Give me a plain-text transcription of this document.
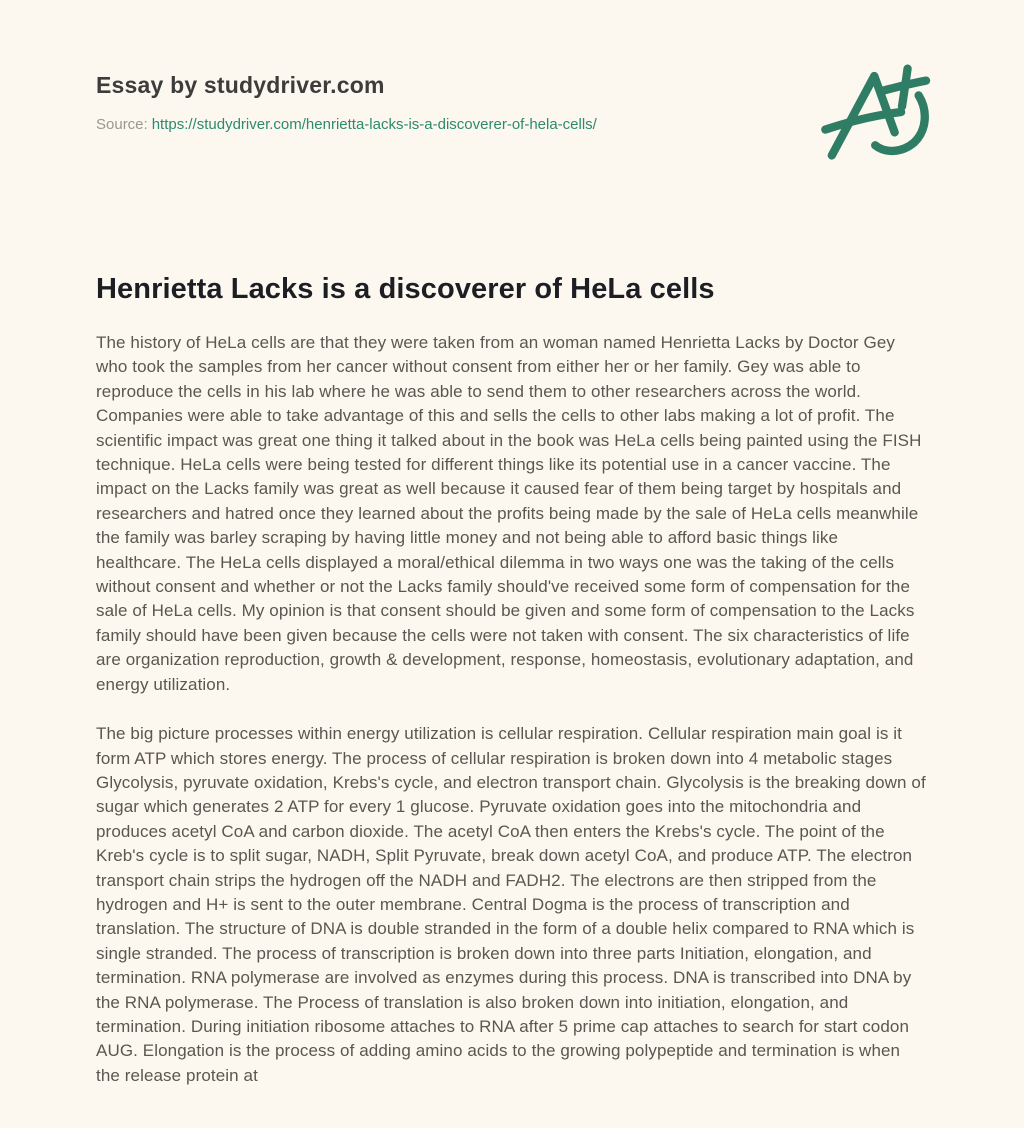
Essay by studydriver.com
Source: https://studydriver.com/henrietta-lacks-is-a-discoverer-of-hela-cells/
Henrietta Lacks is a discoverer of HeLa cells

The history of HeLa cells are that they were taken from an woman named Henrietta Lacks by Doctor Gey who took the samples from her cancer without consent from either her or her family. Gey was able to reproduce the cells in his lab where he was able to send them to other researchers across the world. Companies were able to take advantage of this and sells the cells to other labs making a lot of profit. The scientific impact was great one thing it talked about in the book was HeLa cells being painted using the FISH technique. HeLa cells were being tested for different things like its potential use in a cancer vaccine. The impact on the Lacks family was great as well because it caused fear of them being target by hospitals and researchers and hatred once they learned about the profits being made by the sale of HeLa cells meanwhile the family was barley scraping by having little money and not being able to afford basic things like healthcare. The HeLa cells displayed a moral/ethical dilemma in two ways one was the taking of the cells without consent and whether or not the Lacks family should've received some form of compensation for the sale of HeLa cells. My opinion is that consent should be given and some form of compensation to the Lacks family should have been given because the cells were not taken with consent. The six characteristics of life are organization reproduction, growth & development, response, homeostasis, evolutionary adaptation, and energy utilization.

The big picture processes within energy utilization is cellular respiration. Cellular respiration main goal is it form ATP which stores energy. The process of cellular respiration is broken down into 4 metabolic stages Glycolysis, pyruvate oxidation, Krebs's cycle, and electron transport chain. Glycolysis is the breaking down of sugar which generates 2 ATP for every 1 glucose. Pyruvate oxidation goes into the mitochondria and produces acetyl CoA and carbon dioxide. The acetyl CoA then enters the Krebs's cycle. The point of the Kreb's cycle is to split sugar, NADH, Split Pyruvate, break down acetyl CoA, and produce ATP. The electron transport chain strips the hydrogen off the NADH and FADH2. The electrons are then stripped from the hydrogen and H+ is sent to the outer membrane. Central Dogma is the process of transcription and translation. The structure of DNA is double stranded in the form of a double helix compared to RNA which is single stranded. The process of transcription is broken down into three parts Initiation, elongation, and termination. RNA polymerase are involved as enzymes during this process. DNA is transcribed into DNA by the RNA polymerase. The Process of translation is also broken down into initiation, elongation, and termination. During initiation ribosome attaches to RNA after 5 prime cap attaches to search for start codon AUG. Elongation is the process of adding amino acids to the growing polypeptide and termination is when the release protein at
